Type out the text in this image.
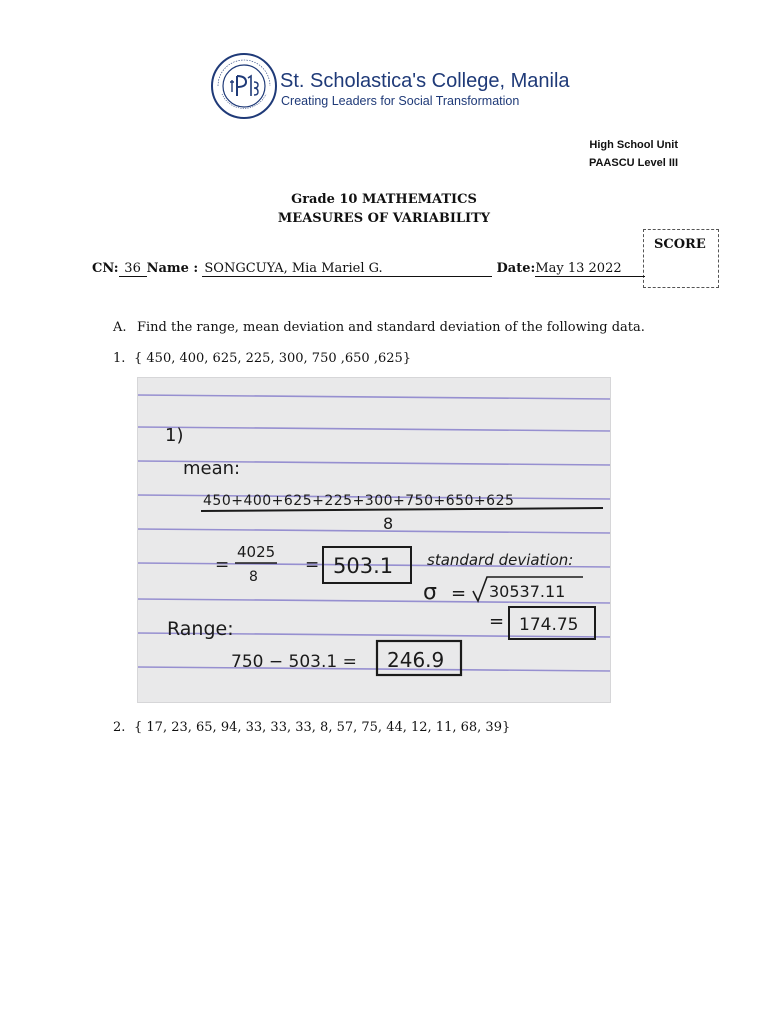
St. Scholastica's College, Manila
Creating Leaders for Social Transformation
High School Unit
PAASCU Level III
Grade 10 MATHEMATICS
MEASURES OF VARIABILITY
SCORE
CN: 36 Name : SONGCUYA, Mia Mariel G.	Date:May 13 2022
A. Find the range, mean deviation and standard deviation of the following data.
1. { 450, 400, 625, 225, 300, 750 ,650 ,625}
1)
mean:
450+400+625+225+300+750+650+625
8
=
4025
8
= 503.1 standard deviation:
σ = 30537.11
= 174.75
Range:
750 − 503.1 = 246.9
2. { 17, 23, 65, 94, 33, 33, 33, 8, 57, 75, 44, 12, 11, 68, 39}
